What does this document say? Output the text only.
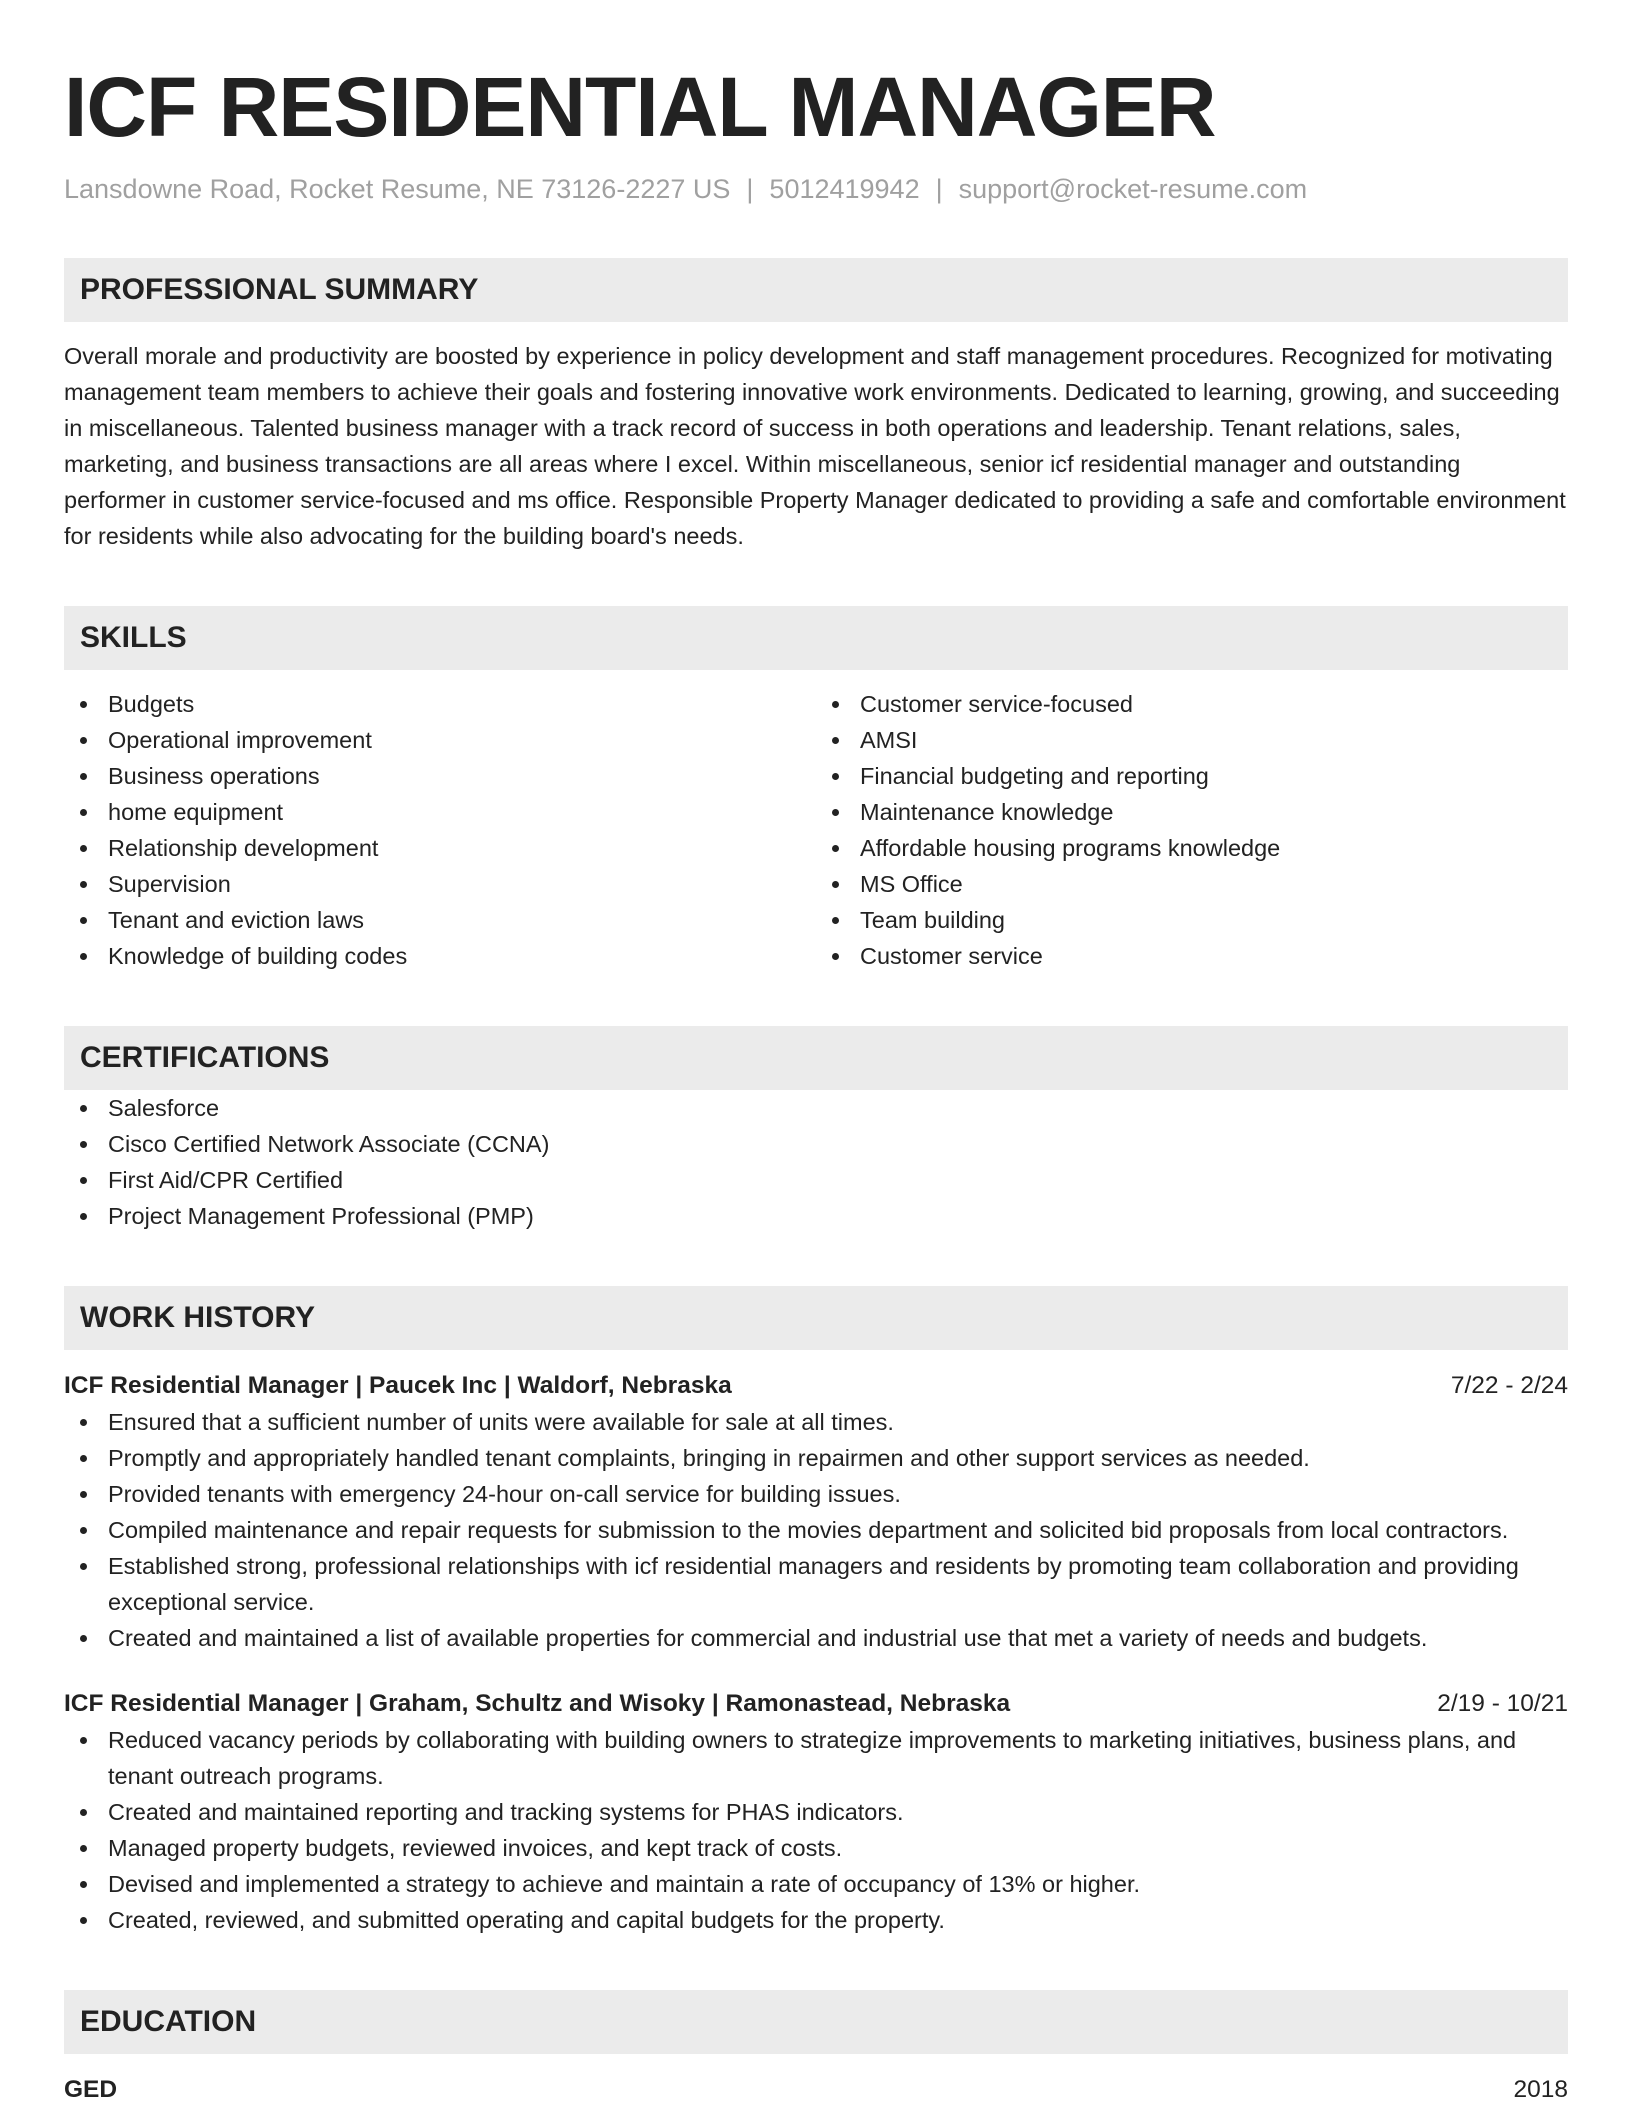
ICF RESIDENTIAL MANAGER
Lansdowne Road, Rocket Resume, NE 73126-2227 US | 5012419942 | support@rocket-resume.com
PROFESSIONAL SUMMARY
Overall morale and productivity are boosted by experience in policy development and staff management procedures. Recognized for motivating management team members to achieve their goals and fostering innovative work environments. Dedicated to learning, growing, and succeeding in miscellaneous. Talented business manager with a track record of success in both operations and leadership. Tenant relations, sales, marketing, and business transactions are all areas where I excel. Within miscellaneous, senior icf residential manager and outstanding performer in customer service-focused and ms office. Responsible Property Manager dedicated to providing a safe and comfortable environment for residents while also advocating for the building board's needs.
SKILLS
Budgets
Operational improvement
Business operations
home equipment
Relationship development
Supervision
Tenant and eviction laws
Knowledge of building codes
Customer service-focused
AMSI
Financial budgeting and reporting
Maintenance knowledge
Affordable housing programs knowledge
MS Office
Team building
Customer service
CERTIFICATIONS
Salesforce
Cisco Certified Network Associate (CCNA)
First Aid/CPR Certified
Project Management Professional (PMP)
WORK HISTORY
ICF Residential Manager | Paucek Inc | Waldorf, Nebraska	7/22 - 2/24
Ensured that a sufficient number of units were available for sale at all times.
Promptly and appropriately handled tenant complaints, bringing in repairmen and other support services as needed.
Provided tenants with emergency 24-hour on-call service for building issues.
Compiled maintenance and repair requests for submission to the movies department and solicited bid proposals from local contractors.
Established strong, professional relationships with icf residential managers and residents by promoting team collaboration and providing exceptional service.
Created and maintained a list of available properties for commercial and industrial use that met a variety of needs and budgets.
ICF Residential Manager | Graham, Schultz and Wisoky | Ramonastead, Nebraska	2/19 - 10/21
Reduced vacancy periods by collaborating with building owners to strategize improvements to marketing initiatives, business plans, and tenant outreach programs.
Created and maintained reporting and tracking systems for PHAS indicators.
Managed property budgets, reviewed invoices, and kept track of costs.
Devised and implemented a strategy to achieve and maintain a rate of occupancy of 13% or higher.
Created, reviewed, and submitted operating and capital budgets for the property.
EDUCATION
GED	2018
